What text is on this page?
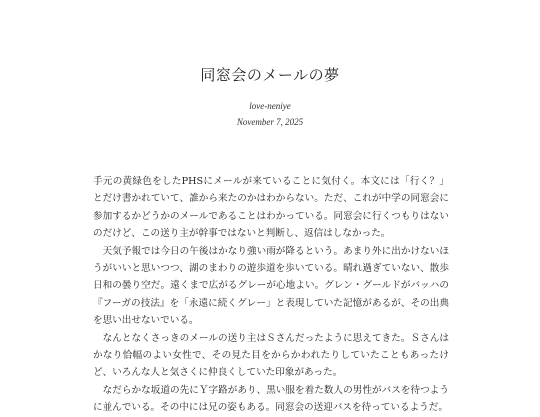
同窓会のメールの夢
love-neniye
November 7, 2025

手元の黄緑色をしたPHSにメールが来ていることに気付く。本文には「行く？」とだけ書かれていて、誰から来たのかはわからない。ただ、これが中学の同窓会に参加するかどうかのメールであることはわかっている。同窓会に行くつもりはないのだけど、この送り主が幹事ではないと判断し、返信はしなかった。

天気予報では今日の午後はかなり強い雨が降るという。あまり外に出かけないほうがいいと思いつつ、湖のまわりの遊歩道を歩いている。晴れ過ぎていない、散歩日和の曇り空だ。遠くまで広がるグレーが心地よい。グレン・グールドがバッハの『フーガの技法』を「永遠に続くグレー」と表現していた記憶があるが、その出典を思い出せないでいる。

なんとなくさっきのメールの送り主はＳさんだったように思えてきた。Ｓさんはかなり恰幅のよい女性で、その見た目をからかわれたりしていたこともあったけど、いろんな人と気さくに仲良くしていた印象があった。

なだらかな坂道の先にＹ字路があり、黒い服を着た数人の男性がバスを待つように並んでいる。その中には兄の姿もある。同窓会の送迎バスを待っているようだ。
